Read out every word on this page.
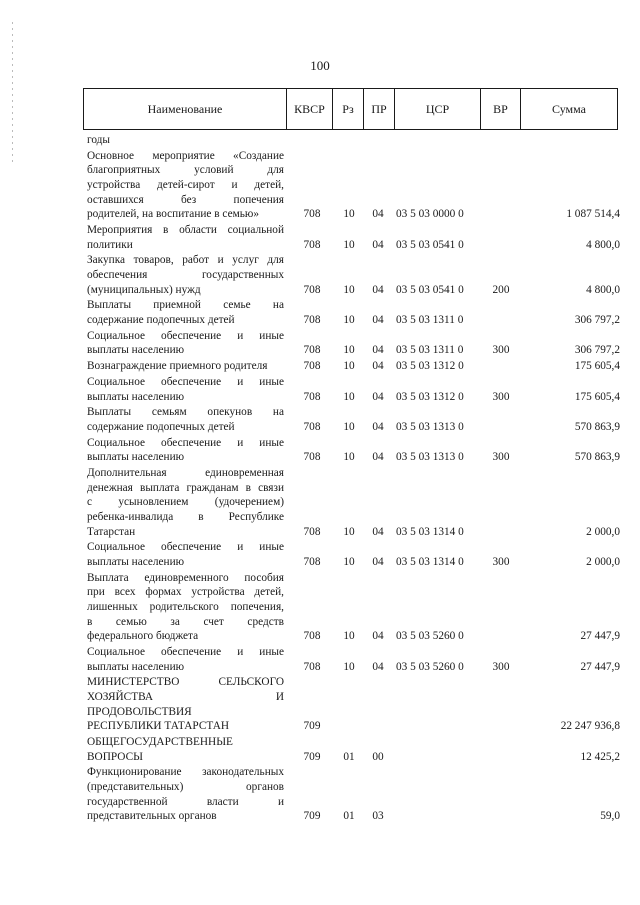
100
Наименование	КВСР	Рз	ПР	ЦСР	ВР	Сумма
годы
Основное мероприятие «Создание
благоприятных условий для
устройства детей-сирот и детей,
оставшихся без попечения
родителей, на воспитание в семью»	708	10	04	03 5 03 0000 0	1 087 514,4
Мероприятия в области социальной
политики	708	10	04	03 5 03 0541 0	4 800,0
Закупка товаров, работ и услуг для
обеспечения государственных
(муниципальных) нужд	708	10	04	03 5 03 0541 0	200	4 800,0
Выплаты приемной семье на
содержание подопечных детей	708	10	04	03 5 03 1311 0	306 797,2
Социальное обеспечение и иные
выплаты населению	708	10	04	03 5 03 1311 0	300	306 797,2
Вознаграждение приемного родителя	708	10	04	03 5 03 1312 0	175 605,4
Социальное обеспечение и иные
выплаты населению	708	10	04	03 5 03 1312 0	300	175 605,4
Выплаты семьям опекунов на
содержание подопечных детей	708	10	04	03 5 03 1313 0	570 863,9
Социальное обеспечение и иные
выплаты населению	708	10	04	03 5 03 1313 0	300	570 863,9
Дополнительная единовременная
денежная выплата гражданам в связи
с усыновлением (удочерением)
ребенка-инвалида в Республике
Татарстан	708	10	04	03 5 03 1314 0	2 000,0
Социальное обеспечение и иные
выплаты населению	708	10	04	03 5 03 1314 0	300	2 000,0
Выплата единовременного пособия
при всех формах устройства детей,
лишенных родительского попечения,
в семью за счет средств
федерального бюджета	708	10	04	03 5 03 5260 0	27 447,9
Социальное обеспечение и иные
выплаты населению	708	10	04	03 5 03 5260 0	300	27 447,9
МИНИСТЕРСТВО СЕЛЬСКОГО
ХОЗЯЙСТВА И
ПРОДОВОЛЬСТВИЯ
РЕСПУБЛИКИ ТАТАРСТАН	709	22 247 936,8
ОБЩЕГОСУДАРСТВЕННЫЕ
ВОПРОСЫ	709	01	00	12 425,2
Функционирование законодательных
(представительных) органов
государственной власти и
представительных органов	709	01	03	59,0
